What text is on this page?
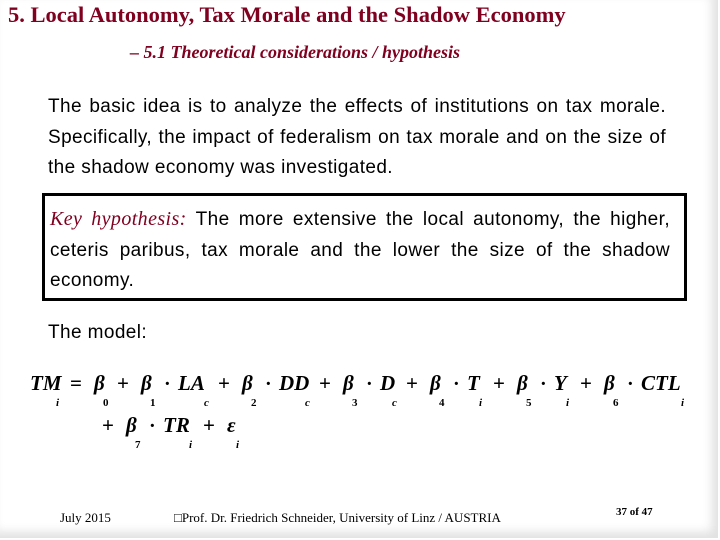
5. Local Autonomy, Tax Morale and the Shadow Economy
– 5.1 Theoretical considerations / hypothesis
The basic idea is to analyze the effects of institutions on tax morale. Specifically, the impact of federalism on tax morale and on the size of the shadow economy was investigated.
Key hypothesis: The more extensive the local autonomy, the higher, ceteris paribus, tax morale and the lower the size of the shadow economy.
The model:
TM
i
= β
0
+ β
1
· LA
c
+ β
2
· DD
c
+ β
3
· D
c
+ β
4
· T
i
+ β
5
· Y
i
+ β
6
· CTL
i
+ β
7
· TR
i
+ ε
i
July 2015	□Prof. Dr. Friedrich Schneider, University of Linz / AUSTRIA	37 of 47
